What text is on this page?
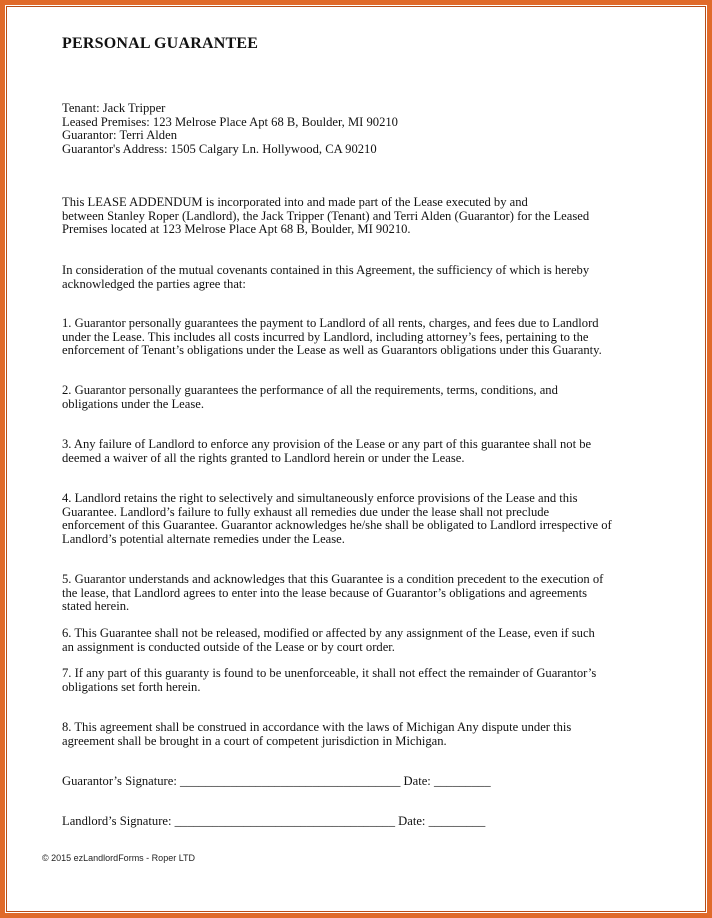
PERSONAL GUARANTEE
Tenant: Jack Tripper
Leased Premises: 123 Melrose Place Apt 68 B, Boulder, MI 90210
Guarantor: Terri Alden
Guarantor's Address: 1505 Calgary Ln. Hollywood, CA 90210
This LEASE ADDENDUM is incorporated into and made part of the Lease executed by and
between Stanley Roper (Landlord), the Jack Tripper (Tenant) and Terri Alden (Guarantor) for the Leased
Premises located at 123 Melrose Place Apt 68 B, Boulder, MI 90210.
In consideration of the mutual covenants contained in this Agreement, the sufficiency of which is hereby
acknowledged the parties agree that:
1. Guarantor personally guarantees the payment to Landlord of all rents, charges, and fees due to Landlord
under the Lease. This includes all costs incurred by Landlord, including attorney’s fees, pertaining to the
enforcement of Tenant’s obligations under the Lease as well as Guarantors obligations under this Guaranty.
2. Guarantor personally guarantees the performance of all the requirements, terms, conditions, and
obligations under the Lease.
3. Any failure of Landlord to enforce any provision of the Lease or any part of this guarantee shall not be
deemed a waiver of all the rights granted to Landlord herein or under the Lease.
4. Landlord retains the right to selectively and simultaneously enforce provisions of the Lease and this
Guarantee. Landlord’s failure to fully exhaust all remedies due under the lease shall not preclude
enforcement of this Guarantee. Guarantor acknowledges he/she shall be obligated to Landlord irrespective of
Landlord’s potential alternate remedies under the Lease.
5. Guarantor understands and acknowledges that this Guarantee is a condition precedent to the execution of
the lease, that Landlord agrees to enter into the lease because of Guarantor’s obligations and agreements
stated herein.
6. This Guarantee shall not be released, modified or affected by any assignment of the Lease, even if such
an assignment is conducted outside of the Lease or by court order.
7. If any part of this guaranty is found to be unenforceable, it shall not effect the remainder of Guarantor’s
obligations set forth herein.
8. This agreement shall be construed in accordance with the laws of Michigan Any dispute under this
agreement shall be brought in a court of competent jurisdiction in Michigan.
Guarantor’s Signature: ___________________________________ Date: _________
Landlord’s Signature: ___________________________________ Date: _________
© 2015 ezLandlordForms - Roper LTD
